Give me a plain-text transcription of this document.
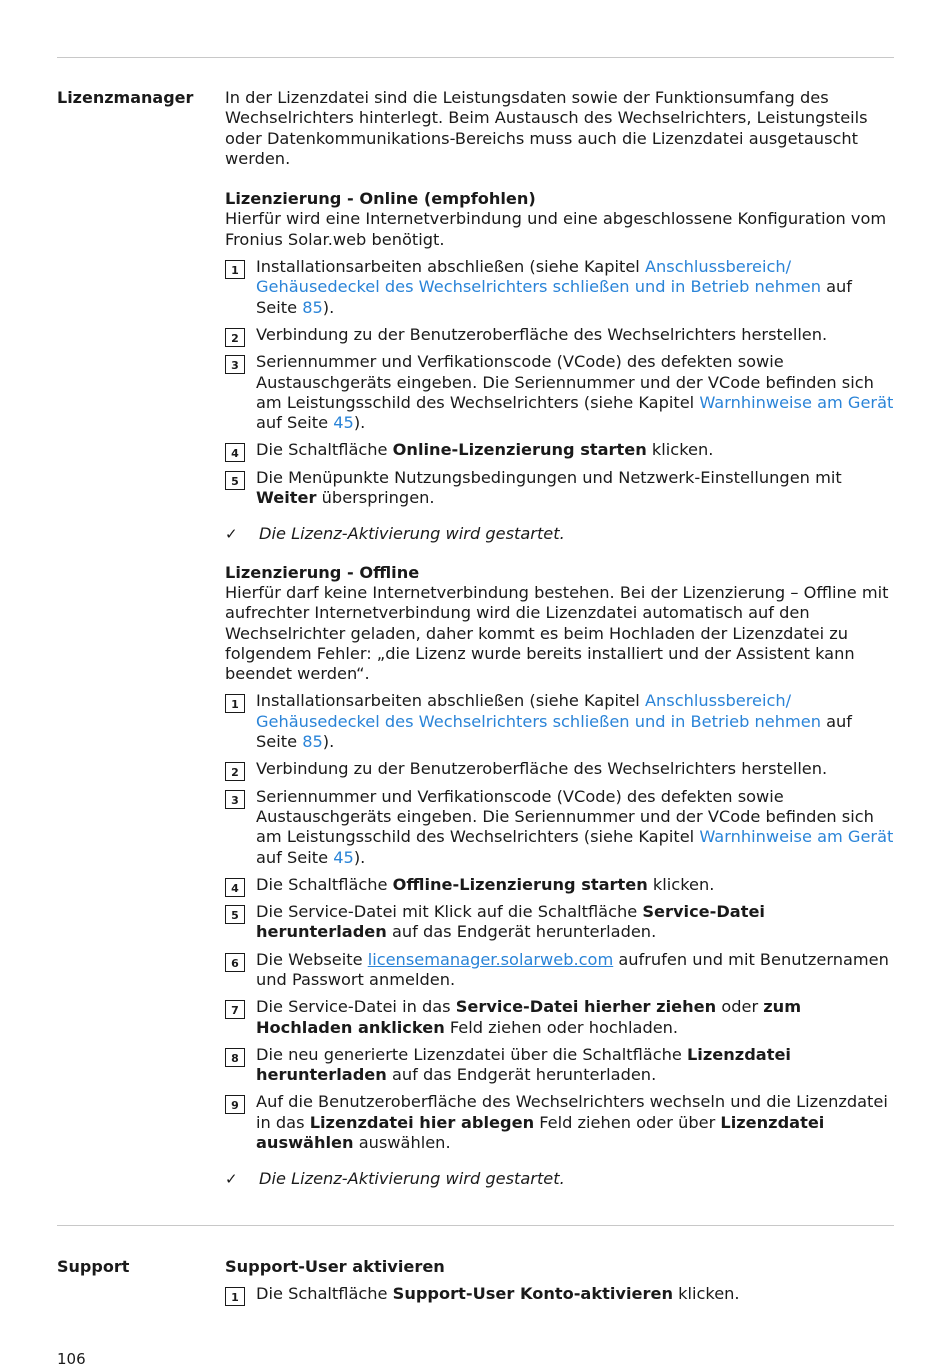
Lizenzmanager In der Lizenzdatei sind die Leistungsdaten sowie der Funktionsumfang des Wechselrichters hinterlegt. Beim Austausch des Wechselrichters, Leistungsteils oder Datenkommunikations-Bereichs muss auch die Lizenzdatei ausgetauscht werden.

Lizenzierung - Online (empfohlen)

Hierfür wird eine Internetverbindung und eine abgeschlossene Konfiguration vom Fronius Solar.web benötigt.

1	Installationsarbeiten abschließen (siehe Kapitel Anschlussbereich/ Gehäusedeckel des Wechselrichters schließen und in Betrieb nehmen auf Seite 85).
2	Verbindung zu der Benutzeroberfläche des Wechselrichters herstellen.
3	Seriennummer und Verfikationscode (VCode) des defekten sowie Austauschgeräts eingeben. Die Seriennummer und der VCode befinden sich am Leistungsschild des Wechselrichters (siehe Kapitel Warnhinweise am Gerät auf Seite 45).
4	Die Schaltfläche Online-Lizenzierung starten klicken.
5	Die Menüpunkte Nutzungsbedingungen und Netzwerk-Einstellungen mit Weiter überspringen.
✓ Die Lizenz-Aktivierung wird gestartet.

Lizenzierung - Offline

Hierfür darf keine Internetverbindung bestehen. Bei der Lizenzierung – Offline mit aufrechter Internetverbindung wird die Lizenzdatei automatisch auf den Wechselrichter geladen, daher kommt es beim Hochladen der Lizenzdatei zu folgendem Fehler: „die Lizenz wurde bereits installiert und der Assistent kann beendet werden“.

1	Installationsarbeiten abschließen (siehe Kapitel Anschlussbereich/ Gehäusedeckel des Wechselrichters schließen und in Betrieb nehmen auf Seite 85).
2	Verbindung zu der Benutzeroberfläche des Wechselrichters herstellen.
3	Seriennummer und Verfikationscode (VCode) des defekten sowie Austauschgeräts eingeben. Die Seriennummer und der VCode befinden sich am Leistungsschild des Wechselrichters (siehe Kapitel Warnhinweise am Gerät auf Seite 45).
4	Die Schaltfläche Offline-Lizenzierung starten klicken.
5	Die Service-Datei mit Klick auf die Schaltfläche Service-Datei herunterladen auf das Endgerät herunterladen.
6	Die Webseite licensemanager.solarweb.com aufrufen und mit Benutzernamen und Passwort anmelden.
7	Die Service-Datei in das Service-Datei hierher ziehen oder zum Hochladen anklicken Feld ziehen oder hochladen.
8	Die neu generierte Lizenzdatei über die Schaltfläche Lizenzdatei herunterladen auf das Endgerät herunterladen.
9	Auf die Benutzeroberfläche des Wechselrichters wechseln und die Lizenzdatei in das Lizenzdatei hier ablegen Feld ziehen oder über Lizenzdatei auswählen auswählen.
✓ Die Lizenz-Aktivierung wird gestartet.
Support	Support-User aktivieren

1	Die Schaltfläche Support-User Konto-aktivieren klicken.
106
